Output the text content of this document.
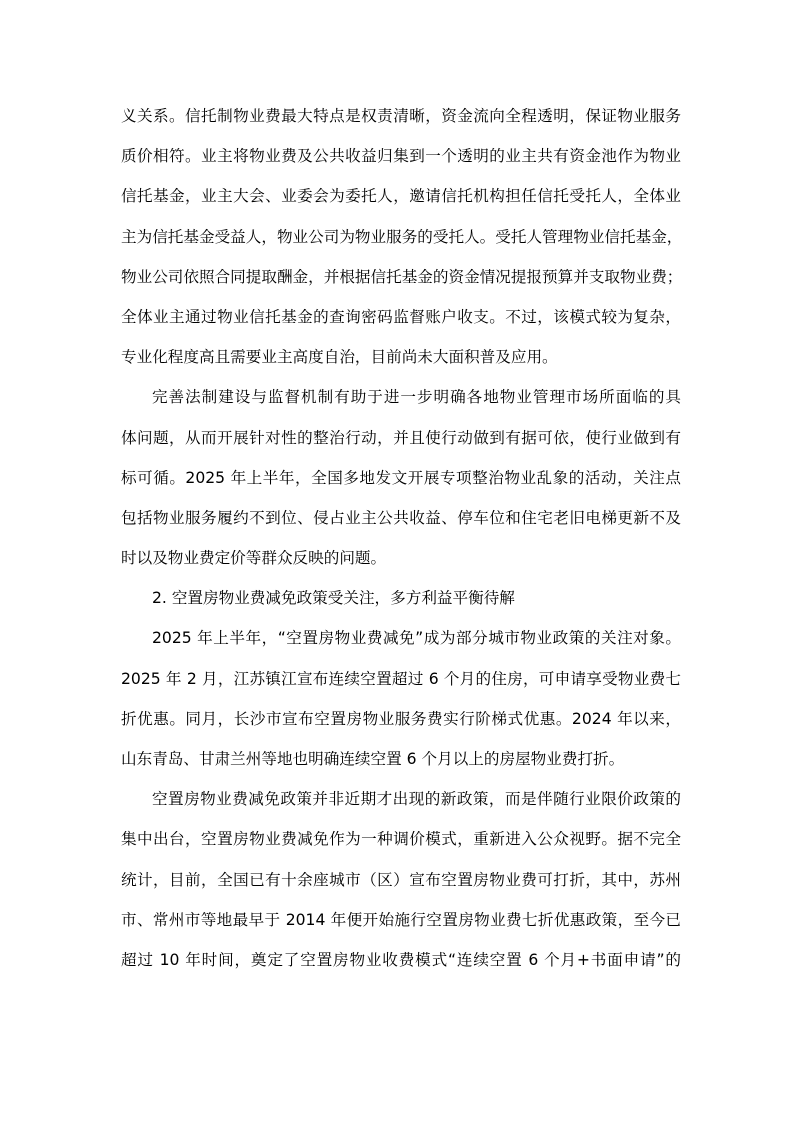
义关系。信托制物业费最大特点是权责清晰，资金流向全程透明，保证物业服务
质价相符。业主将物业费及公共收益归集到一个透明的业主共有资金池作为物业
信托基金，业主大会、业委会为委托人，邀请信托机构担任信托受托人，全体业
主为信托基金受益人，物业公司为物业服务的受托人。受托人管理物业信托基金，
物业公司依照合同提取酬金，并根据信托基金的资金情况提报预算并支取物业费；
全体业主通过物业信托基金的查询密码监督账户收支。不过，该模式较为复杂，
专业化程度高且需要业主高度自治，目前尚未大面积普及应用。
完善法制建设与监督机制有助于进一步明确各地物业管理市场所面临的具
体问题，从而开展针对性的整治行动，并且使行动做到有据可依，使行业做到有
标可循。2025 年上半年，全国多地发文开展专项整治物业乱象的活动，关注点
包括物业服务履约不到位、侵占业主公共收益、停车位和住宅老旧电梯更新不及
时以及物业费定价等群众反映的问题。
2. 空置房物业费减免政策受关注，多方利益平衡待解
2025 年上半年，“空置房物业费减免”成为部分城市物业政策的关注对象。
2025 年 2 月，江苏镇江宣布连续空置超过 6 个月的住房，可申请享受物业费七
折优惠。同月，长沙市宣布空置房物业服务费实行阶梯式优惠。2024 年以来，
山东青岛、甘肃兰州等地也明确连续空置 6 个月以上的房屋物业费打折。
空置房物业费减免政策并非近期才出现的新政策，而是伴随行业限价政策的
集中出台，空置房物业费减免作为一种调价模式，重新进入公众视野。据不完全
统计，目前，全国已有十余座城市（区）宣布空置房物业费可打折，其中，苏州
市、常州市等地最早于 2014 年便开始施行空置房物业费七折优惠政策，至今已
超过 10 年时间，奠定了空置房物业收费模式“连续空置 6 个月+书面申请”的
